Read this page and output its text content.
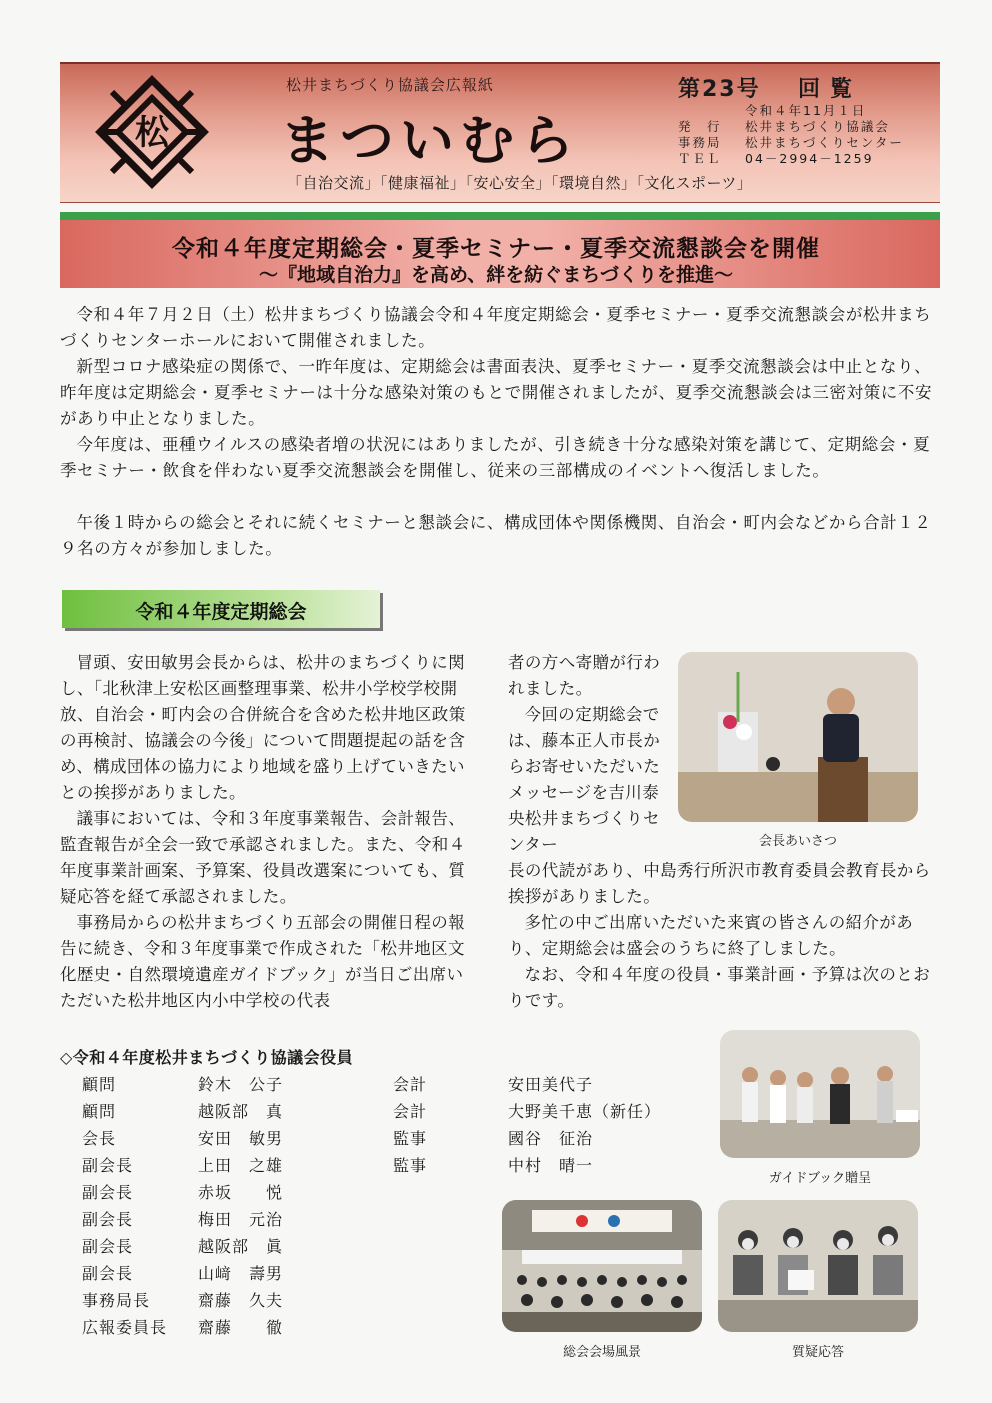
松
松井まちづくり協議会広報紙
まついむら
第23号 回覧
令和４年11月１日
発　行 松井まちづくり協議会
事務局 松井まちづくりセンター
ＴＥＬ 04－2994－1259
「自治交流」「健康福祉」「安心安全」「環境自然」「文化スポーツ」
令和４年度定期総会・夏季セミナー・夏季交流懇談会を開催
～『地域自治力』を高め、絆を紡ぐまちづくりを推進～

令和４年７月２日（土）松井まちづくり協議会令和４年度定期総会・夏季セミナー・夏季交流懇談会が松井まちづくりセンターホールにおいて開催されました。

新型コロナ感染症の関係で、一昨年度は、定期総会は書面表決、夏季セミナー・夏季交流懇談会は中止となり、昨年度は定期総会・夏季セミナーは十分な感染対策のもとで開催されましたが、夏季交流懇談会は三密対策に不安があり中止となりました。

今年度は、亜種ウイルスの感染者増の状況にはありましたが、引き続き十分な感染対策を講じて、定期総会・夏季セミナー・飲食を伴わない夏季交流懇談会を開催し、従来の三部構成のイベントへ復活しました。

午後１時からの総会とそれに続くセミナーと懇談会に、構成団体や関係機関、自治会・町内会などから合計１２９名の方々が参加しました。

令和４年度定期総会

冒頭、安田敏男会長からは、松井のまちづくりに関し、「北秋津上安松区画整理事業、松井小学校学校開放、自治会・町内会の合併統合を含めた松井地区政策の再検討、協議会の今後」について問題提起の話を含め、構成団体の協力により地域を盛り上げていきたいとの挨拶がありました。

議事においては、令和３年度事業報告、会計報告、監査報告が全会一致で承認されました。また、令和４年度事業計画案、予算案、役員改選案についても、質疑応答を経て承認されました。

事務局からの松井まちづくり五部会の開催日程の報告に続き、令和３年度事業で作成された「松井地区文化歴史・自然環境遺産ガイドブック」が当日ご出席いただいた松井地区内小中学校の代表

者の方へ寄贈が行われました。

今回の定期総会では、藤本正人市長からお寄せいただいたメッセージを吉川泰央松井まちづくりセンター

長の代読があり、中島秀行所沢市教育委員会教育長から挨拶がありました。

多忙の中ご出席いただいた来賓の皆さんの紹介があり、定期総会は盛会のうちに終了しました。

なお、令和４年度の役員・事業計画・予算は次のとおりです。

会長あいさつ
ガイドブック贈呈
総会会場風景	質疑応答
◇令和４年度松井まちづくり協議会役員
顧問	鈴木　公子
顧問	越阪部　真
会長	安田　敏男
副会長	上田　之雄
副会長	赤坂　　悦
副会長	梅田　元治
副会長	越阪部　眞
副会長	山﨑　壽男
事務局長	齋藤　久夫
広報委員長 齋藤　　徹
会計	安田美代子
会計	大野美千恵（新任）
監事	國谷　征治
監事	中村　晴一
